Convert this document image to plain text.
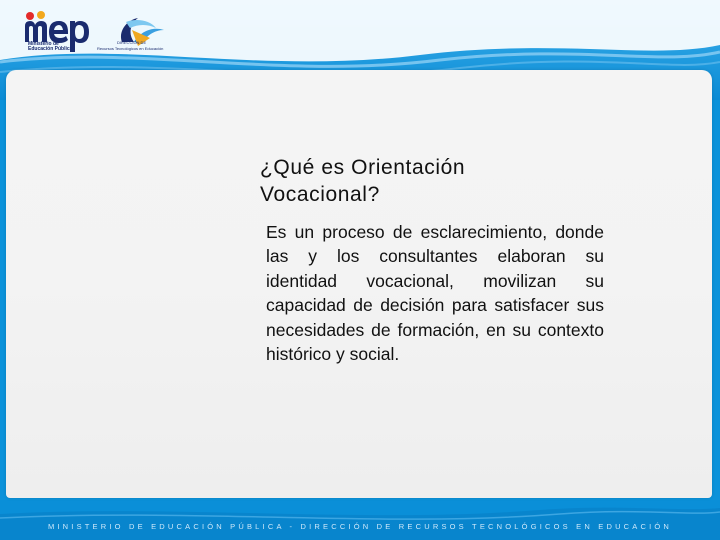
Ministerio de
Educación Pública
DIRECCIÓN DE
Recursos Tecnológicos en Educación
¿Qué es Orientación Vocacional?
Es un proceso de esclarecimiento, donde las y los consultantes elaboran su identidad vocacional, movilizan su capacidad de decisión para satisfacer sus necesidades de formación, en su contexto histórico y social.
MINISTERIO DE EDUCACIÓN PÚBLICA - DIRECCIÓN DE RECURSOS TECNOLÓGICOS EN EDUCACIÓN
